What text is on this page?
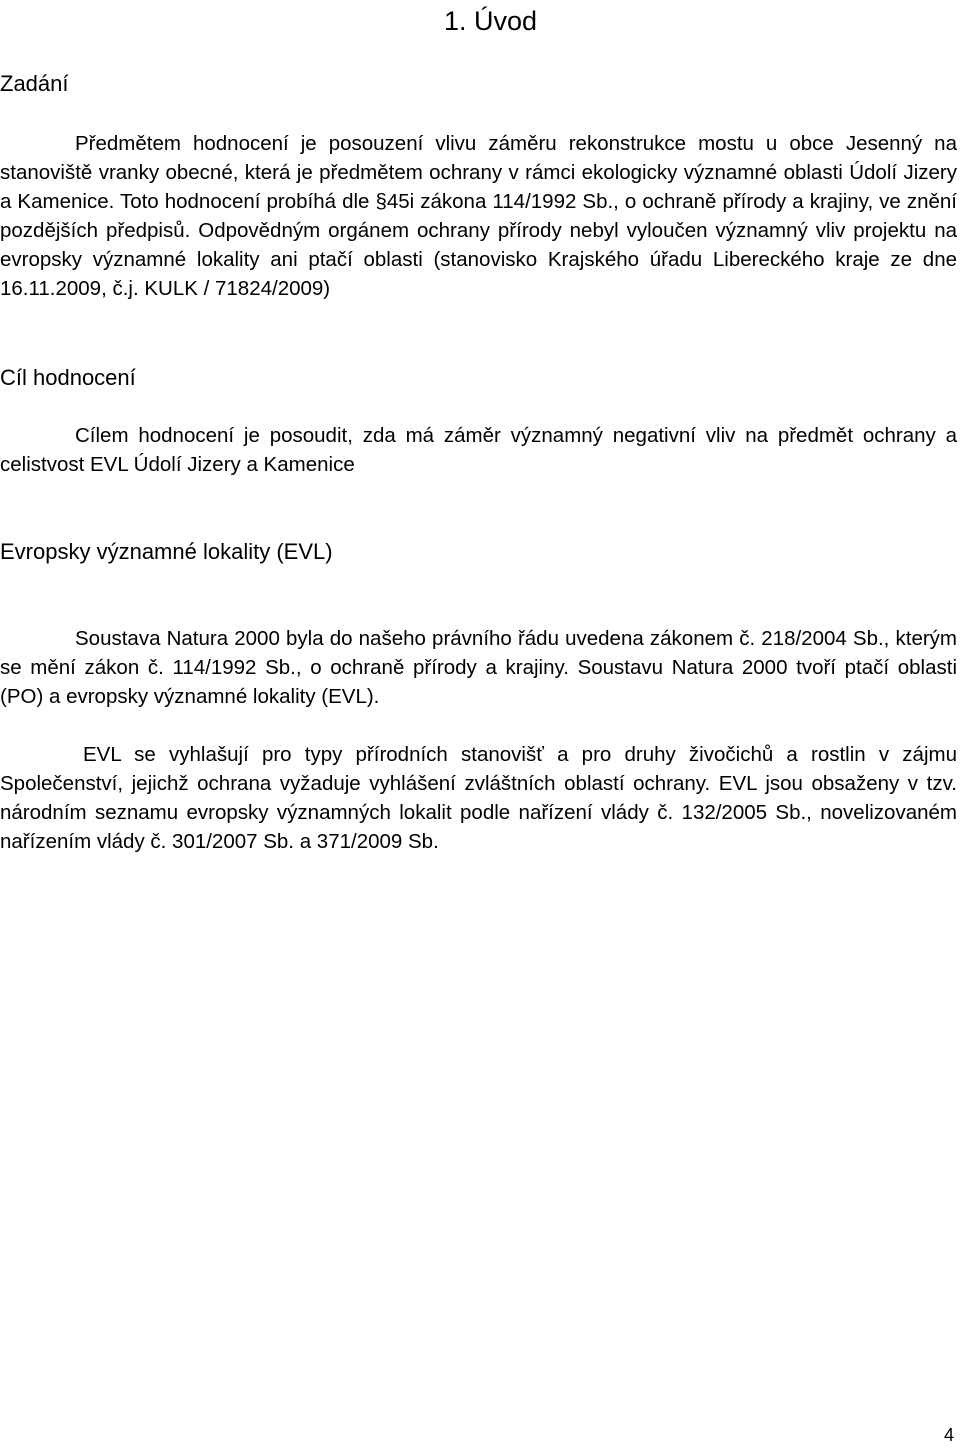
1. Úvod
Zadání

Předmětem hodnocení je posouzení vlivu záměru rekonstrukce mostu u obce Jesenný na stanoviště vranky obecné, která je předmětem ochrany v rámci ekologicky významné oblasti Údolí Jizery a Kamenice. Toto hodnocení probíhá dle §45i zákona 114/1992 Sb., o ochraně přírody a krajiny, ve znění pozdějších předpisů. Odpovědným orgánem ochrany přírody nebyl vyloučen významný vliv projektu na evropsky významné lokality ani ptačí oblasti (stanovisko Krajského úřadu Libereckého kraje ze dne 16.11.2009, č.j. KULK / 71824/2009)

Cíl hodnocení

Cílem hodnocení je posoudit, zda má záměr významný negativní vliv na předmět ochrany a celistvost EVL Údolí Jizery a Kamenice

Evropsky významné lokality (EVL)

Soustava Natura 2000 byla do našeho právního řádu uvedena zákonem č. 218/2004 Sb., kterým se mění zákon č. 114/1992 Sb., o ochraně přírody a krajiny. Soustavu Natura 2000 tvoří ptačí oblasti (PO) a evropsky významné lokality (EVL).

EVL se vyhlašují pro typy přírodních stanovišť a pro druhy živočichů a rostlin v zájmu Společenství, jejichž ochrana vyžaduje vyhlášení zvláštních oblastí ochrany. EVL jsou obsaženy v tzv. národním seznamu evropsky významných lokalit podle nařízení vlády č. 132/2005 Sb., novelizovaném nařízením vlády č. 301/2007 Sb. a 371/2009 Sb.

4
